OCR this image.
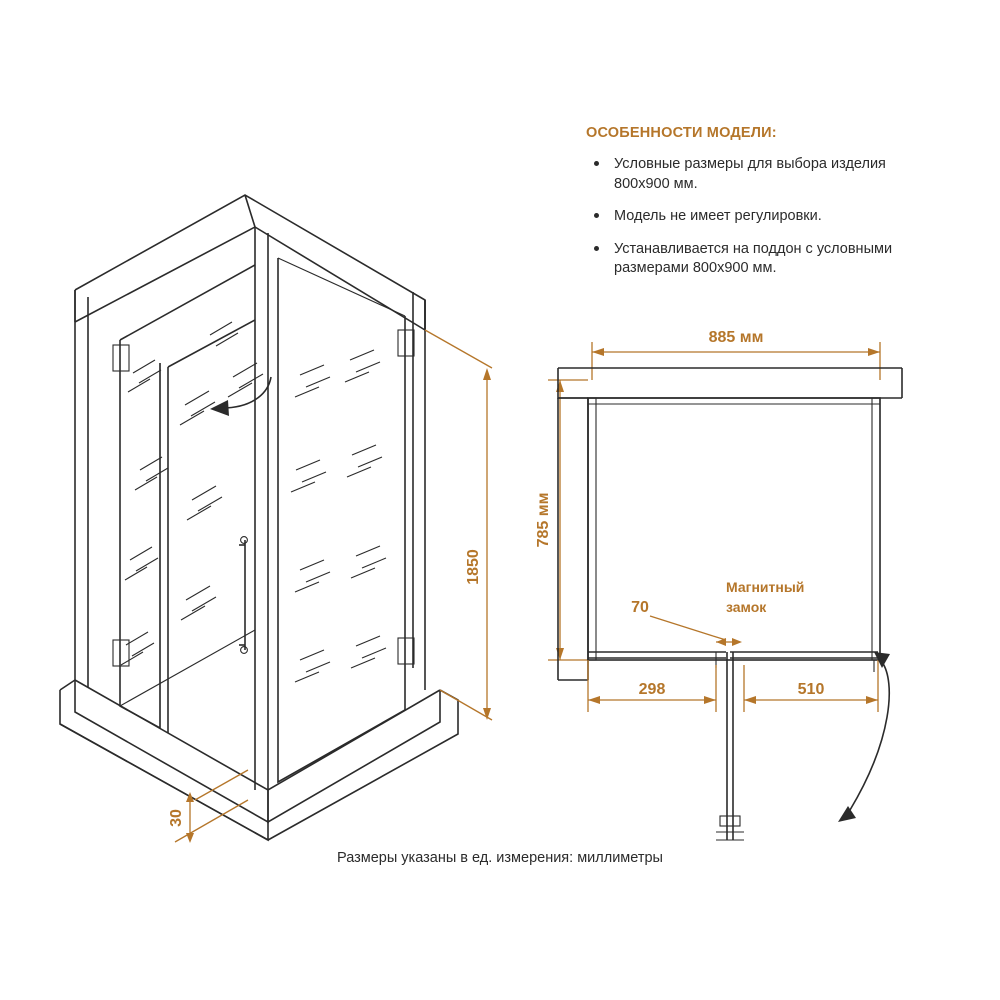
ОСОБЕННОСТИ МОДЕЛИ:
Условные размеры для выбора изделия 800х900 мм.
Модель не имеет регулировки.
Устанавливается на поддон с условными размерами 800х900 мм.
1850
30
885 мм
785 мм
Магнитный
замок
70
298	510
Размеры указаны в ед. измерения: миллиметры
